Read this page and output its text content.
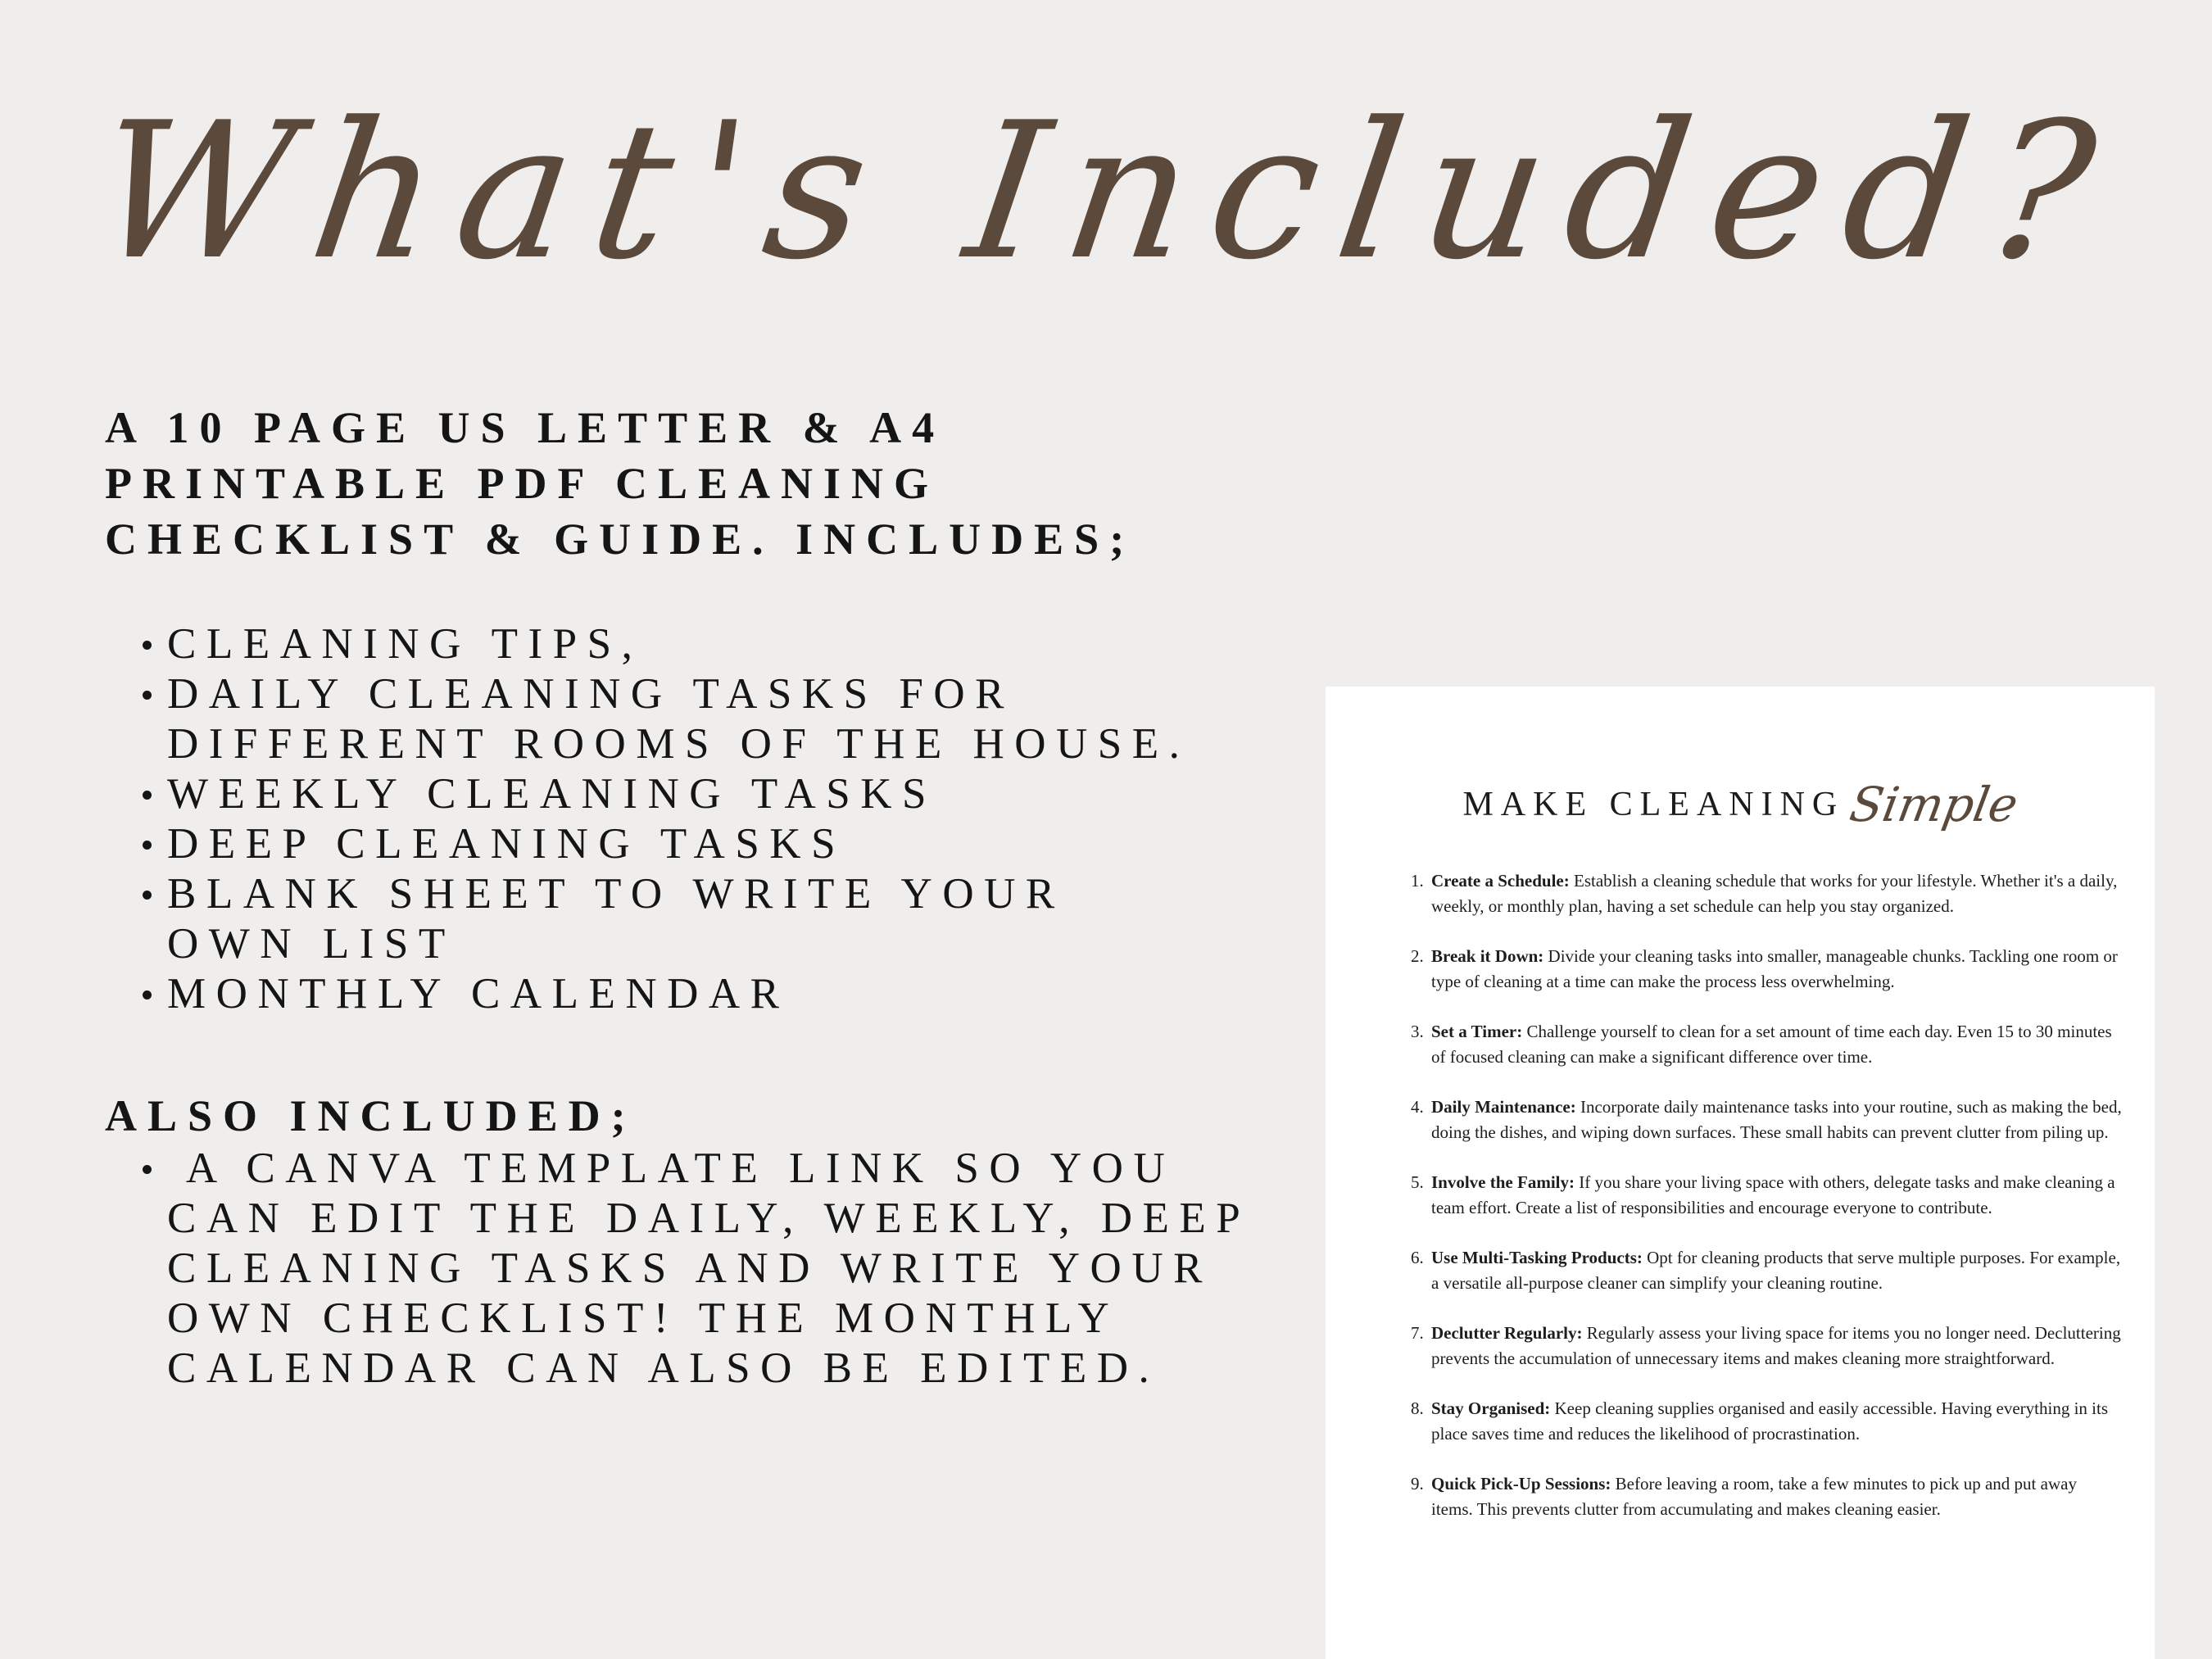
What's Included?
A 10 PAGE US LETTER & A4
PRINTABLE PDF CLEANING
CHECKLIST & GUIDE. INCLUDES;
CLEANING TIPS,
DAILY CLEANING TASKS FOR
DIFFERENT ROOMS OF THE HOUSE.
WEEKLY CLEANING TASKS
DEEP CLEANING TASKS
BLANK SHEET TO WRITE YOUR
OWN LIST
MONTHLY CALENDAR
ALSO INCLUDED;
A CANVA TEMPLATE LINK SO YOU
CAN EDIT THE DAILY, WEEKLY, DEEP
CLEANING TASKS AND WRITE YOUR
OWN CHECKLIST! THE MONTHLY
CALENDAR CAN ALSO BE EDITED.
MAKE CLEANING Simple
1. Create a Schedule: Establish a cleaning schedule that works for your lifestyle. Whether it's a daily, weekly, or monthly plan, having a set schedule can help you stay organized.
2. Break it Down: Divide your cleaning tasks into smaller, manageable chunks. Tackling one room or type of cleaning at a time can make the process less overwhelming.
3. Set a Timer: Challenge yourself to clean for a set amount of time each day. Even 15 to 30 minutes of focused cleaning can make a significant difference over time.
4. Daily Maintenance: Incorporate daily maintenance tasks into your routine, such as making the bed, doing the dishes, and wiping down surfaces. These small habits can prevent clutter from piling up.
5. Involve the Family: If you share your living space with others, delegate tasks and make cleaning a team effort. Create a list of responsibilities and encourage everyone to contribute.
6. Use Multi-Tasking Products: Opt for cleaning products that serve multiple purposes. For example, a versatile all-purpose cleaner can simplify your cleaning routine.
7. Declutter Regularly: Regularly assess your living space for items you no longer need. Decluttering prevents the accumulation of unnecessary items and makes cleaning more straightforward.
8. Stay Organised: Keep cleaning supplies organised and easily accessible. Having everything in its place saves time and reduces the likelihood of procrastination.
9. Quick Pick-Up Sessions: Before leaving a room, take a few minutes to pick up and put away items. This prevents clutter from accumulating and makes cleaning easier.
